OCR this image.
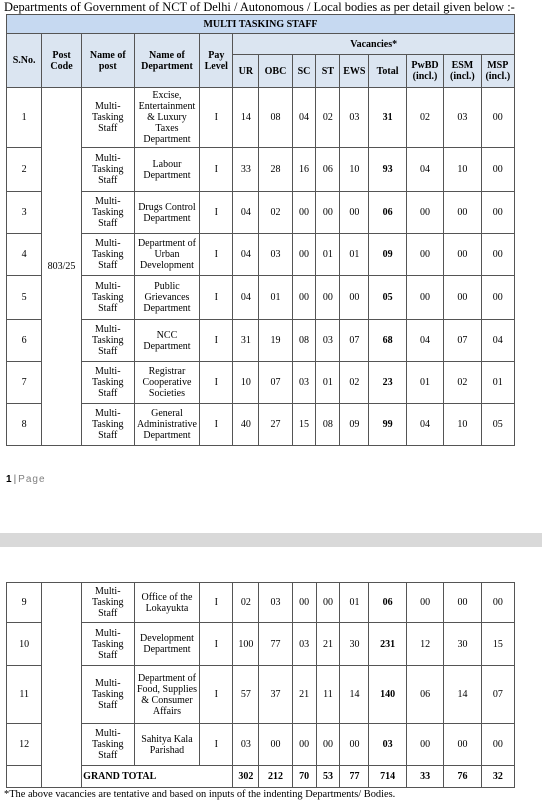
Departments of Government of NCT of Delhi / Autonomous / Local bodies as per detail given below :-
MULTI TASKING STAFF													
S.No.	Post Code	Name of post	Name of Department	Pay Level	Vacancies*								
					UR	OBC	SC	ST	EWS	Total	PwBD (incl.)	ESM (incl.)	MSP (incl.)
1	803/25	Multi-Tasking Staff	Excise, Entertainment & Luxury Taxes Department	I	14	08	04	02	03	31	02	03	00
2		Multi-Tasking Staff	Labour Department	I	33	28	16	06	10	93	04	10	00
3		Multi-Tasking Staff	Drugs Control Department	I	04	02	00	00	00	06	00	00	00
4		Multi-Tasking Staff	Department of Urban Development	I	04	03	00	01	01	09	00	00	00
5		Multi-Tasking Staff	Public Grievances Department	I	04	01	00	00	00	05	00	00	00
6		Multi-Tasking Staff	NCC Department	I	31	19	08	03	07	68	04	07	04
7		Multi-Tasking Staff	Registrar Cooperative Societies	I	10	07	03	01	02	23	01	02	01
8		Multi-Tasking Staff	General Administrative Department	I	40	27	15	08	09	99	04	10	05
1 | Page
9		Multi-Tasking Staff	Office of the Lokayukta	I	02	03	00	00	01	06	00	00	00
10		Multi-Tasking Staff	Development Department	I	100	77	03	21	30	231	12	30	15
11		Multi-Tasking Staff	Department of Food, Supplies & Consumer Affairs	I	57	37	21	11	14	140	06	14	07
12		Multi-Tasking Staff	Sahitya Kala Parishad	I	03	00	00	00	00	03	00	00	00
GRAND TOTAL					302	212	70	53	77	714	33	76	32
*The above vacancies are tentative and based on inputs of the indenting Departments/ Bodies.
